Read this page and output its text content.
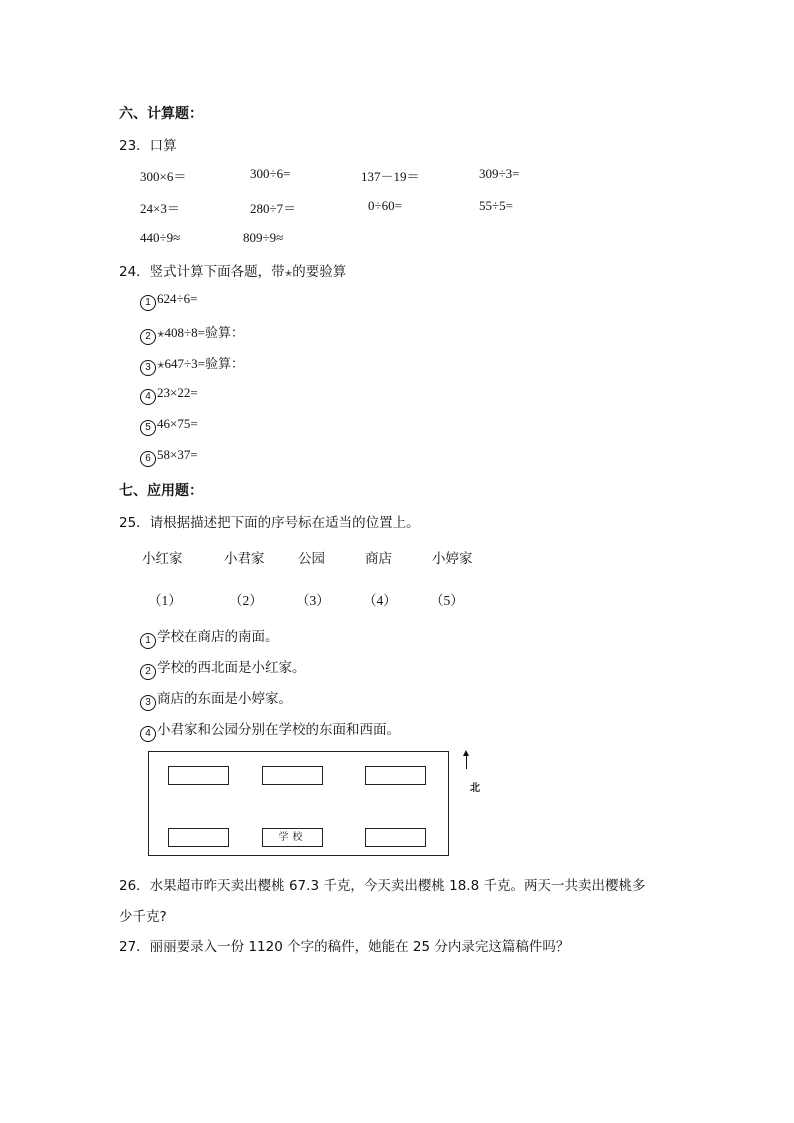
六、计算题：
23．口算
300×6＝	300÷6=	137－19＝	309÷3=
24×3＝	280÷7＝	0÷60=	55÷5=
440÷9≈	809÷9≈
24．竖式计算下面各题，带✭的要验算
1 624÷6=
2 ✭408÷8=验算：
3 ✭647÷3=验算：
4 23×22=
5 46×75=
6 58×37=
七、应用题：
25．请根据描述把下面的序号标在适当的位置上。
小红家	小君家 公园	商店	小婷家
（1）	（2） （3） （4） （5）
1 学校在商店的南面。
2 学校的西北面是小红家。
3 商店的东面是小婷家。
4 小君家和公园分别在学校的东面和西面。
学校
北
26．水果超市昨天卖出樱桃 67.3 千克，今天卖出樱桃 18.8 千克。两天一共卖出樱桃多
少千克?
27．丽丽要录入一份 1120 个字的稿件，她能在 25 分内录完这篇稿件吗？
